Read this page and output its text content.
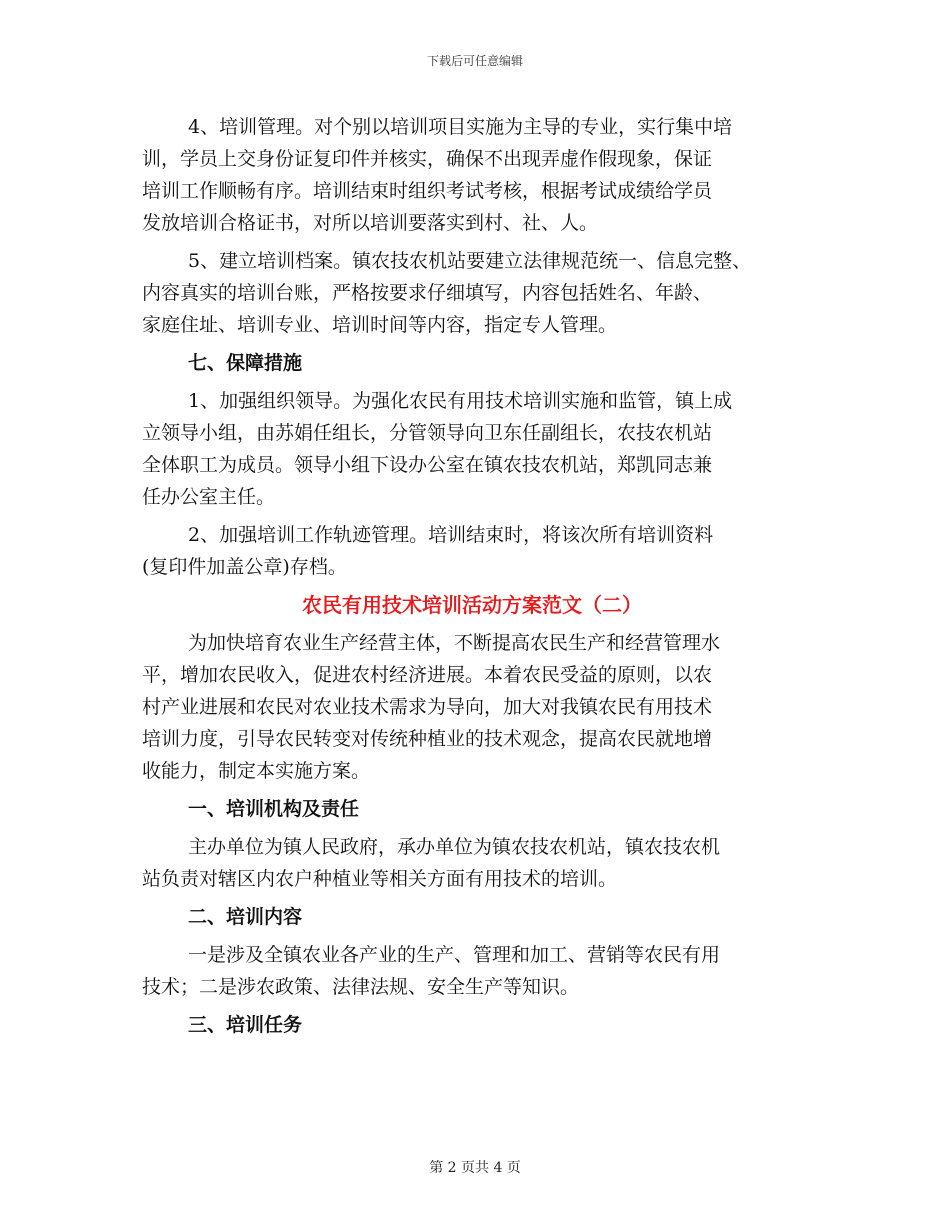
下载后可任意编辑
4、培训管理。对个别以培训项目实施为主导的专业，实行集中培
训，学员上交身份证复印件并核实，确保不出现弄虚作假现象，保证
培训工作顺畅有序。培训结束时组织考试考核，根据考试成绩给学员
发放培训合格证书，对所以培训要落实到村、社、人。
5、建立培训档案。镇农技农机站要建立法律规范统一、信息完整、
内容真实的培训台账，严格按要求仔细填写，内容包括姓名、年龄、
家庭住址、培训专业、培训时间等内容，指定专人管理。
七、保障措施
1、加强组织领导。为强化农民有用技术培训实施和监管，镇上成
立领导小组，由苏娟任组长，分管领导向卫东任副组长，农技农机站
全体职工为成员。领导小组下设办公室在镇农技农机站，郑凯同志兼
任办公室主任。
2、加强培训工作轨迹管理。培训结束时，将该次所有培训资料
(复印件加盖公章)存档。
农民有用技术培训活动方案范文（二）
为加快培育农业生产经营主体，不断提高农民生产和经营管理水
平，增加农民收入，促进农村经济进展。本着农民受益的原则，以农
村产业进展和农民对农业技术需求为导向，加大对我镇农民有用技术
培训力度，引导农民转变对传统种植业的技术观念，提高农民就地增
收能力，制定本实施方案。
一、培训机构及责任
主办单位为镇人民政府，承办单位为镇农技农机站，镇农技农机
站负责对辖区内农户种植业等相关方面有用技术的培训。
二、培训内容
一是涉及全镇农业各产业的生产、管理和加工、营销等农民有用
技术；二是涉农政策、法律法规、安全生产等知识。
三、培训任务
第 2 页共 4 页
